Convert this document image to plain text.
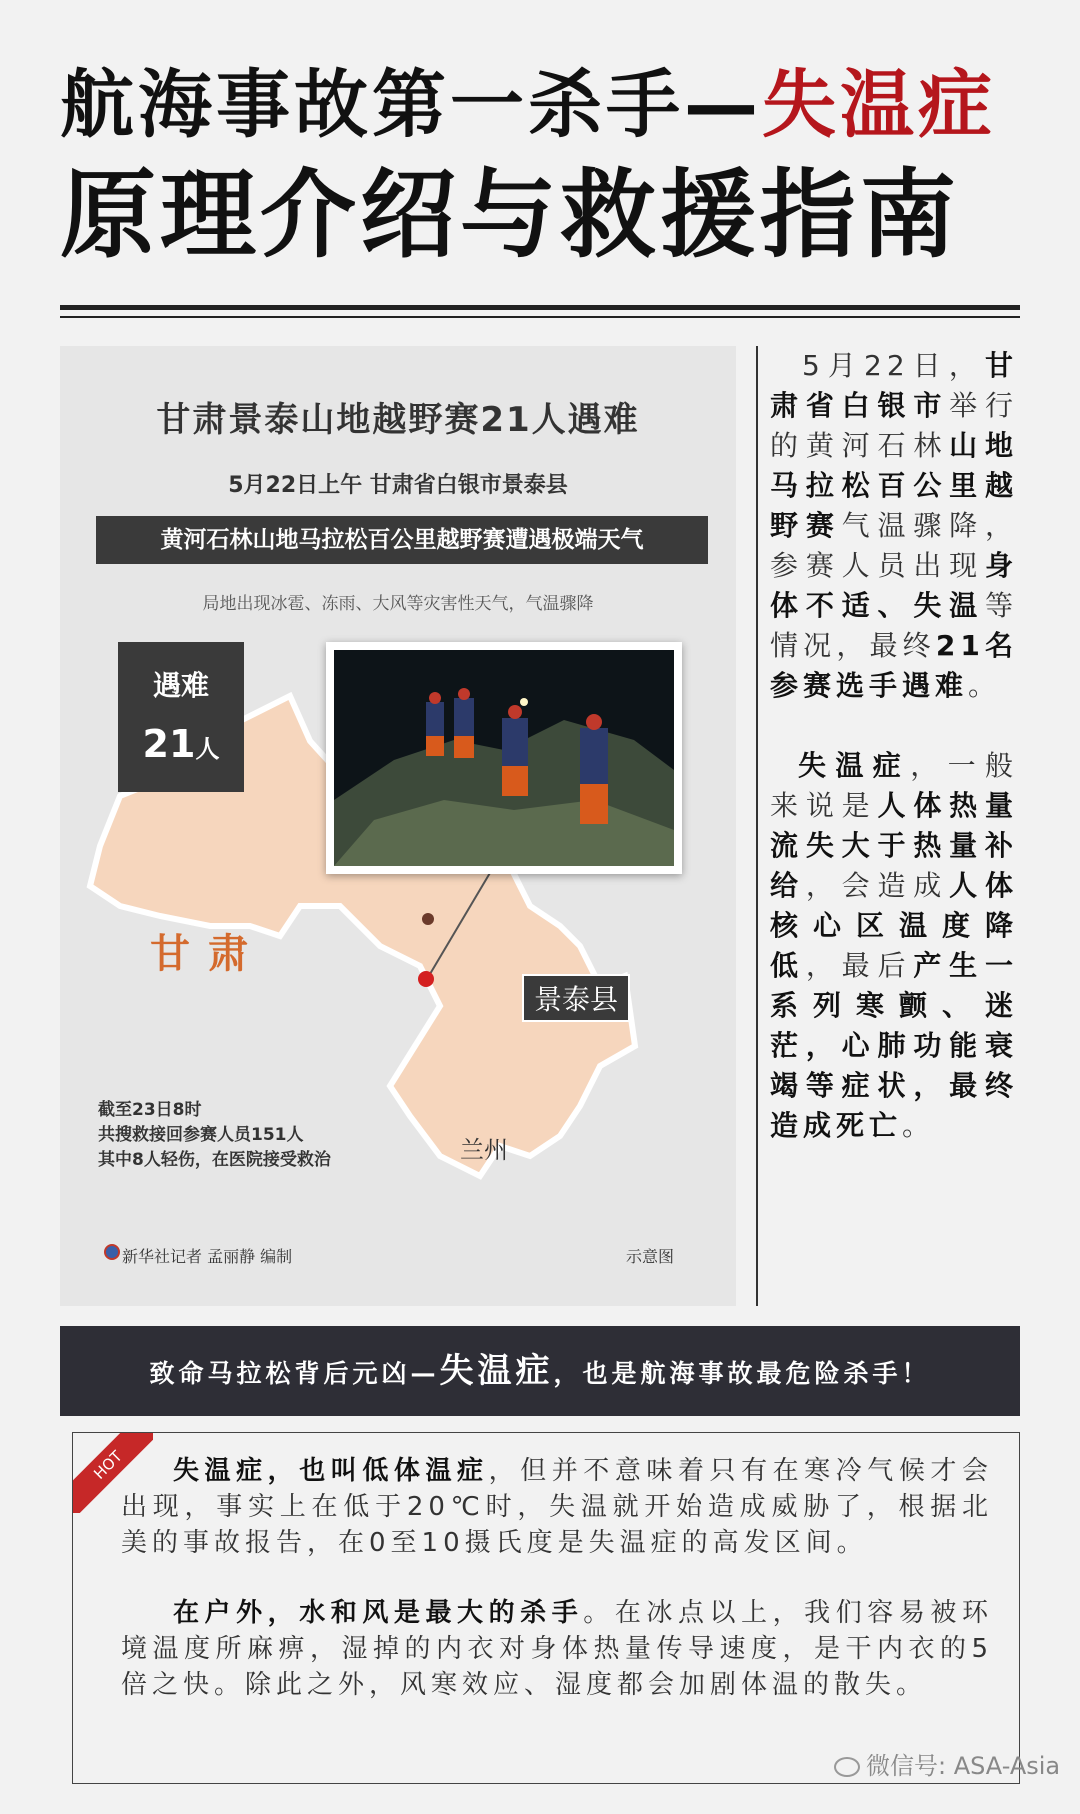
航海事故第一杀手—失温症
原理介绍与救援指南
甘肃景泰山地越野赛21人遇难
5月22日上午 甘肃省白银市景泰县
黄河石林山地马拉松百公里越野赛遭遇极端天气
局地出现冰雹、冻雨、大风等灾害性天气，气温骤降
遇难
21人
甘肃
景泰县
兰州
截至23日8时
共搜救接回参赛人员151人
其中8人轻伤，在医院接受救治
新华社记者 孟丽静 编制	示意图

5月22日，甘肃省白银市举行的黄河石林山地马拉松百公里越野赛气温骤降，参赛人员出现身体不适、失温等情况，最终21名参赛选手遇难。

失温症，一般来说是人体热量流失大于热量补给，会造成人体核心区温度降低，最后产生一系列寒颤、迷茫，心肺功能衰竭等症状，最终造成死亡。

致命马拉松背后元凶—失温症，也是航海事故最危险杀手！
HOT	失温症，也叫低体温症，但并不意味着只有在寒冷气候才会出现，事实上在低于20℃时，失温就开始造成威胁了，根据北美的事故报告，在0至10摄氏度是失温症的高发区间。

在户外，水和风是最大的杀手。在冰点以上，我们容易被环境温度所麻痹，湿掉的内衣对身体热量传导速度，是干内衣的5倍之快。除此之外，风寒效应、湿度都会加剧体温的散失。

微信号: ASA-Asia
